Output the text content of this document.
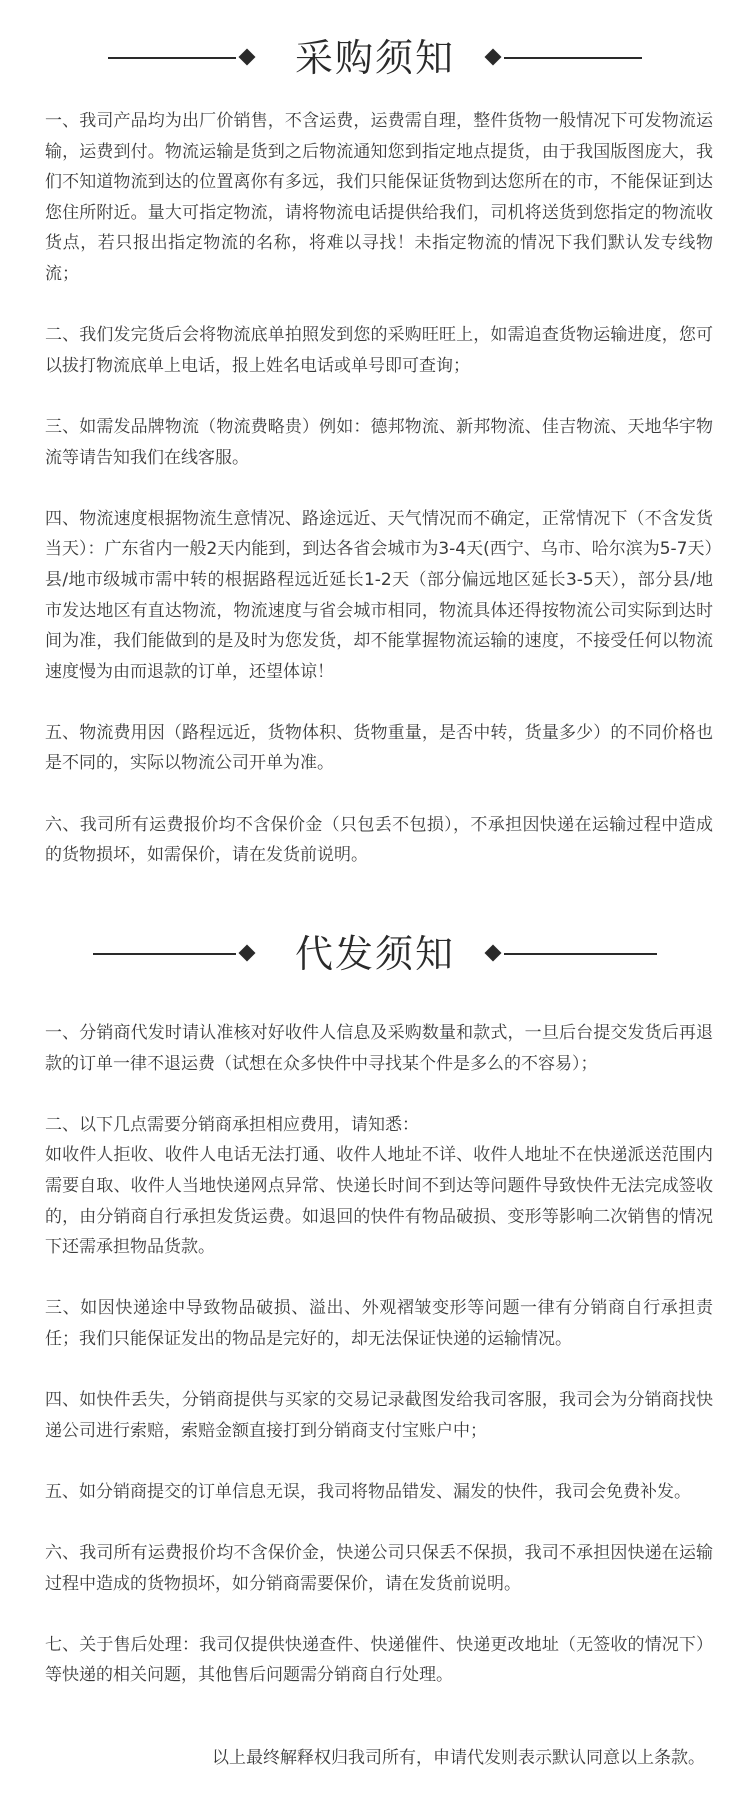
采购须知

一、我司产品均为出厂价销售，不含运费，运费需自理，整件货物一般情况下可发物流运输，运费到付。物流运输是货到之后物流通知您到指定地点提货，由于我国版图庞大，我们不知道物流到达的位置离你有多远，我们只能保证货物到达您所在的市，不能保证到达您住所附近。量大可指定物流，请将物流电话提供给我们，司机将送货到您指定的物流收货点，若只报出指定物流的名称，将难以寻找！未指定物流的情况下我们默认发专线物流；

二、我们发完货后会将物流底单拍照发到您的采购旺旺上，如需追查货物运输进度，您可以拔打物流底单上电话，报上姓名电话或单号即可查询；

三、如需发品牌物流（物流费略贵）例如：德邦物流、新邦物流、佳吉物流、天地华宇物流等请告知我们在线客服。

四、物流速度根据物流生意情况、路途远近、天气情况而不确定，正常情况下（不含发货当天）：广东省内一般2天内能到，到达各省会城市为3-4天(西宁、乌市、哈尔滨为5-7天）县/地市级城市需中转的根据路程远近延长1-2天（部分偏远地区延长3-5天），部分县/地市发达地区有直达物流，物流速度与省会城市相同，物流具体还得按物流公司实际到达时间为准，我们能做到的是及时为您发货，却不能掌握物流运输的速度，不接受任何以物流速度慢为由而退款的订单，还望体谅！

五、物流费用因（路程远近，货物体积、货物重量，是否中转，货量多少）的不同价格也是不同的，实际以物流公司开单为准。

六、我司所有运费报价均不含保价金（只包丢不包损），不承担因快递在运输过程中造成的货物损坏，如需保价，请在发货前说明。

代发须知

一、分销商代发时请认准核对好收件人信息及采购数量和款式，一旦后台提交发货后再退款的订单一律不退运费（试想在众多快件中寻找某个件是多么的不容易）；

二、以下几点需要分销商承担相应费用，请知悉：

如收件人拒收、收件人电话无法打通、收件人地址不详、收件人地址不在快递派送范围内需要自取、收件人当地快递网点异常、快递长时间不到达等问题件导致快件无法完成签收的，由分销商自行承担发货运费。如退回的快件有物品破损、变形等影响二次销售的情况下还需承担物品货款。

三、如因快递途中导致物品破损、溢出、外观褶皱变形等问题一律有分销商自行承担责任；我们只能保证发出的物品是完好的，却无法保证快递的运输情况。

四、如快件丢失，分销商提供与买家的交易记录截图发给我司客服，我司会为分销商找快递公司进行索赔，索赔金额直接打到分销商支付宝账户中；

五、如分销商提交的订单信息无误，我司将物品错发、漏发的快件，我司会免费补发。

六、我司所有运费报价均不含保价金，快递公司只保丢不保损，我司不承担因快递在运输过程中造成的货物损坏，如分销商需要保价，请在发货前说明。

七、关于售后处理：我司仅提供快递查件、快递催件、快递更改地址（无签收的情况下）等快递的相关问题，其他售后问题需分销商自行处理。

以上最终解释权归我司所有，申请代发则表示默认同意以上条款。
